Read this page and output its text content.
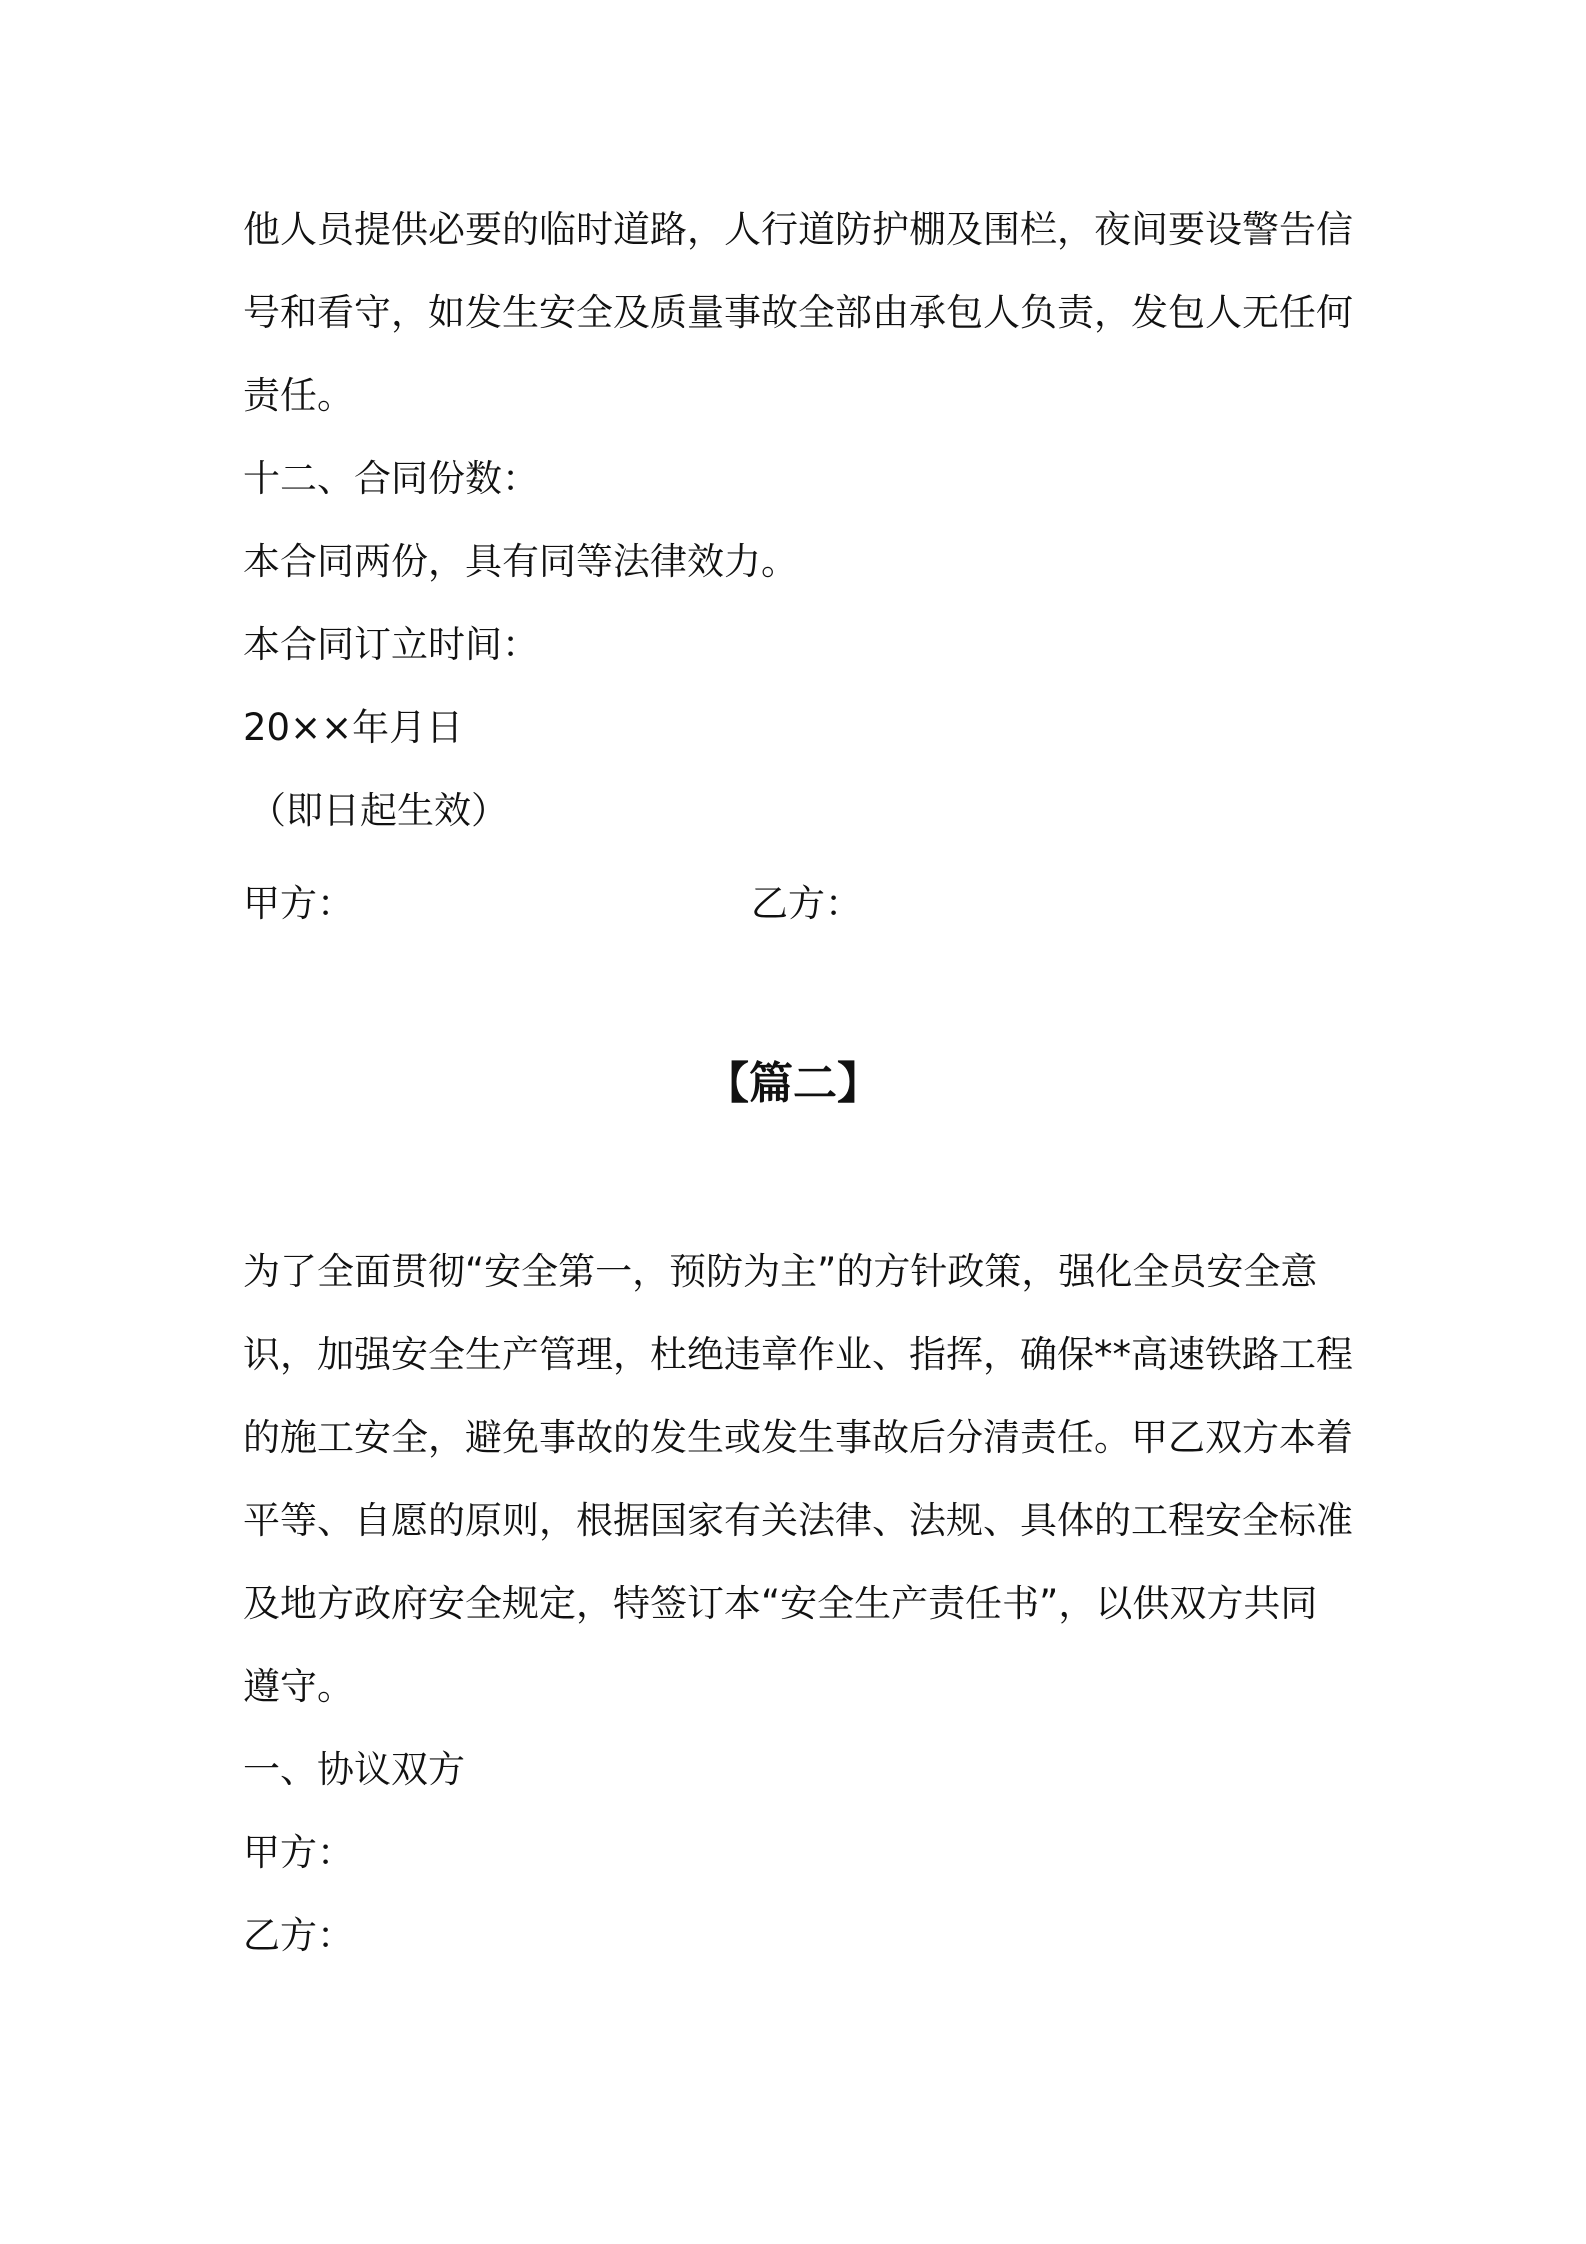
他人员提供必要的临时道路，人行道防护棚及围栏，夜间要设警告信
号和看守，如发生安全及质量事故全部由承包人负责，发包人无任何
责任。
十二、合同份数：
本合同两份，具有同等法律效力。
本合同订立时间：
20××年月日
（即日起生效）
甲方：	乙方：
【篇二】
为了全面贯彻“安全第一，预防为主”的方针政策，强化全员安全意
识，加强安全生产管理，杜绝违章作业、指挥，确保**高速铁路工程
的施工安全，避免事故的发生或发生事故后分清责任。甲乙双方本着
平等、自愿的原则，根据国家有关法律、法规、具体的工程安全标准
及地方政府安全规定，特签订本“安全生产责任书”，以供双方共同
遵守。
一、协议双方
甲方：
乙方：
